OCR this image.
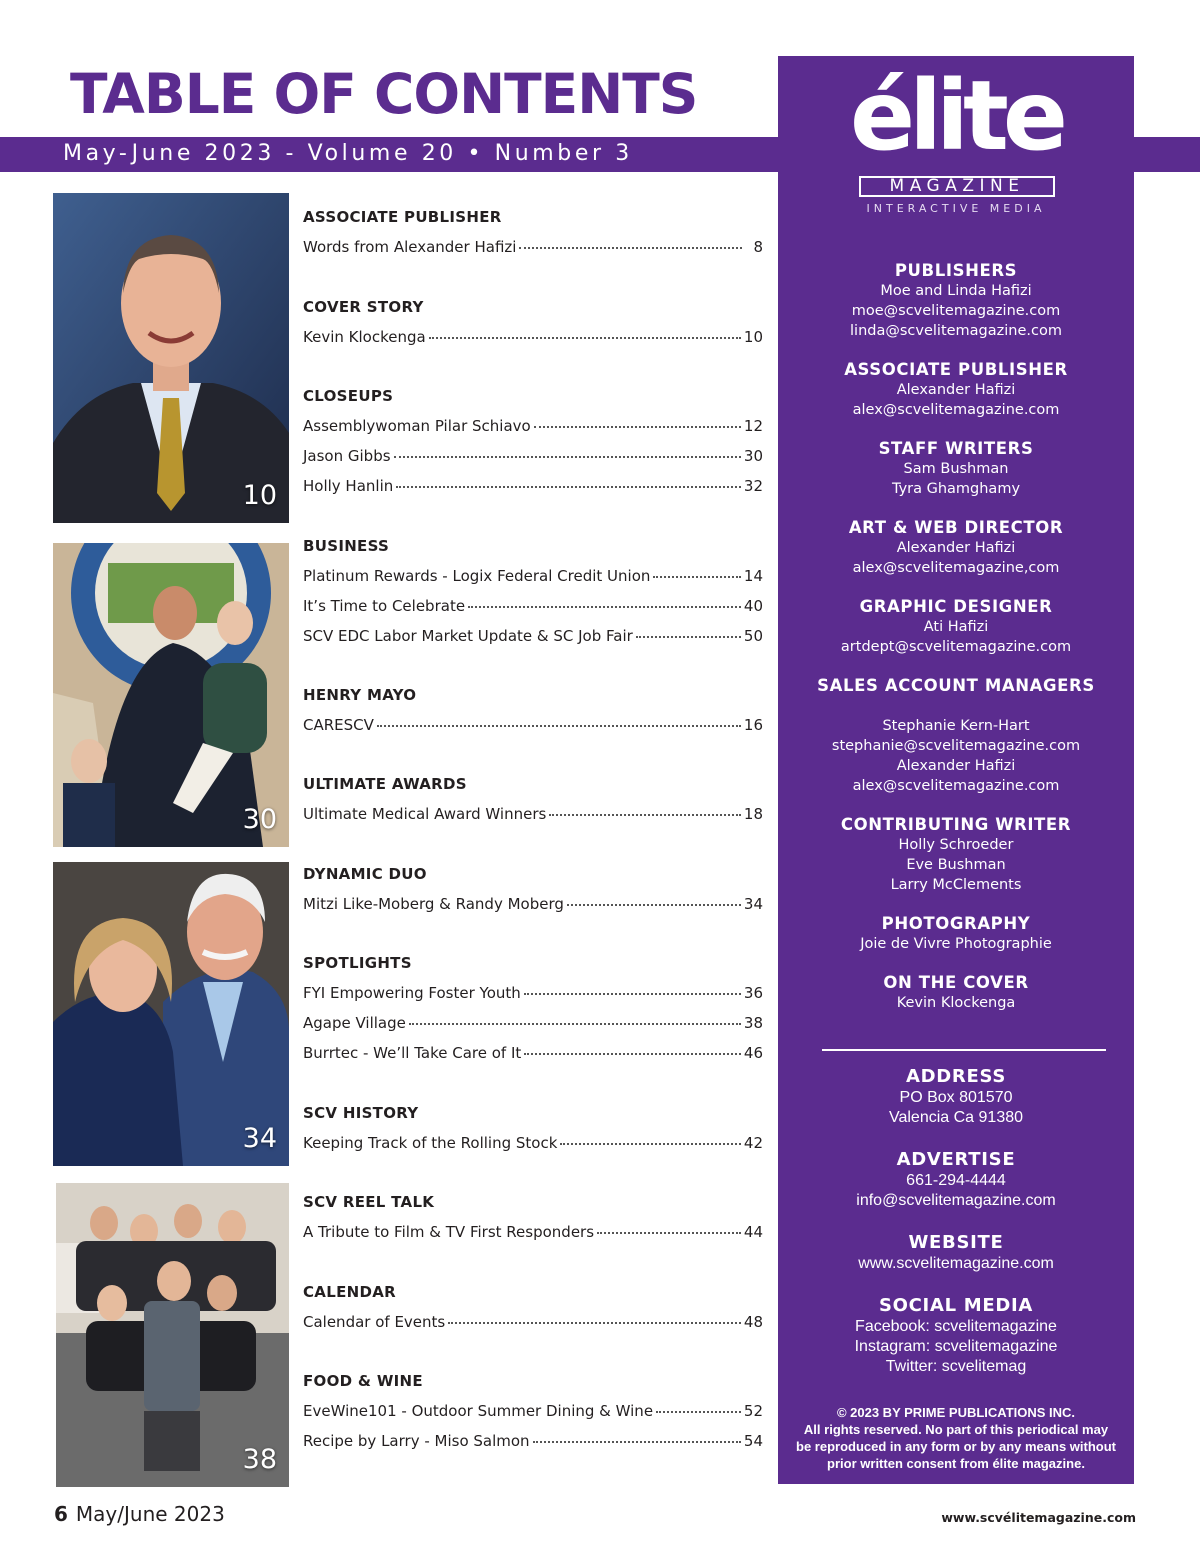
TABLE OF CONTENTS
May-June 2023 - Volume 20 • Number 3
10
30
34
38
ASSOCIATE PUBLISHER
Words from Alexander Hafizi	8
COVER STORY
Kevin Klockenga	10
CLOSEUPS
Assemblywoman Pilar Schiavo	12
Jason Gibbs	30
Holly Hanlin	32
BUSINESS
Platinum Rewards - Logix Federal Credit Union	14
It’s Time to Celebrate	40
SCV EDC Labor Market Update & SC Job Fair	50
HENRY MAYO
CARESCV	16
ULTIMATE AWARDS
Ultimate Medical Award Winners	18
DYNAMIC DUO
Mitzi Like-Moberg & Randy Moberg	34
SPOTLIGHTS
FYI Empowering Foster Youth	36
Agape Village	38
Burrtec - We’ll Take Care of It	46
SCV HISTORY
Keeping Track of the Rolling Stock	42
SCV REEL TALK
A Tribute to Film & TV First Responders	44
CALENDAR
Calendar of Events	48
FOOD & WINE
EveWine101 - Outdoor Summer Dining & Wine	52
Recipe by Larry - Miso Salmon	54
élite
MAGAZINE
INTERACTIVE MEDIA
PUBLISHERS
Moe and Linda Hafizi
moe@scvelitemagazine.com
linda@scvelitemagazine.com
ASSOCIATE PUBLISHER
Alexander Hafizi
alex@scvelitemagazine.com
STAFF WRITERS
Sam Bushman
Tyra Ghamghamy
ART & WEB DIRECTOR
Alexander Hafizi
alex@scvelitemagazine,com
GRAPHIC DESIGNER
Ati Hafizi
artdept@scvelitemagazine.com
SALES ACCOUNT MANAGERS
Stephanie Kern-Hart
stephanie@scvelitemagazine.com
Alexander Hafizi
alex@scvelitemagazine.com
CONTRIBUTING WRITER
Holly Schroeder
Eve Bushman
Larry McClements
PHOTOGRAPHY
Joie de Vivre Photographie
ON THE COVER
Kevin Klockenga
ADDRESS
PO Box 801570
Valencia Ca 91380
ADVERTISE
661-294-4444
info@scvelitemagazine.com
WEBSITE
www.scvelitemagazine.com
SOCIAL MEDIA
Facebook: scvelitemagazine
Instagram: scvelitemagazine
Twitter: scvelitemag
© 2023 BY PRIME PUBLICATIONS INC.
All rights reserved. No part of this periodical may
be reproduced in any form or by any means without
prior written consent from élite magazine.
6 May/June 2023	www.scvélitemagazine.com
